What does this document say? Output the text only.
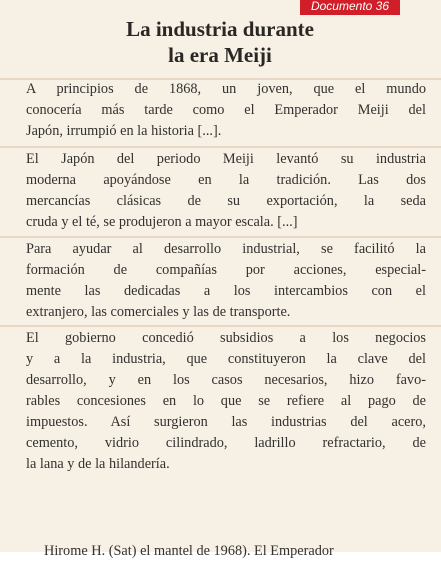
Documento 36
La industria durante
la era Meiji
A principios de 1868, un joven, que el mundo
conocería más tarde como el Emperador Meiji del
Japón, irrumpió en la historia [...].
El Japón del periodo Meiji levantó su industria
moderna apoyándose en la tradición. Las dos
mercancías clásicas de su exportación, la seda
cruda y el té, se produjeron a mayor escala. [...]
Para ayudar al desarrollo industrial, se facilitó la
formación de compañías por acciones, especial-
mente las dedicadas a los intercambios con el
extranjero, las comerciales y las de transporte.
El gobierno concedió subsidios a los negocios
y a la industria, que constituyeron la clave del
desarrollo, y en los casos necesarios, hizo favo-
rables concesiones en lo que se refiere al pago de
impuestos. Así surgieron las industrias del acero,
cemento, vidrio cilindrado, ladrillo refractario, de
la lana y de la hilandería.
Hirome H. (Sat) el mantel de 1968). El Emperador
